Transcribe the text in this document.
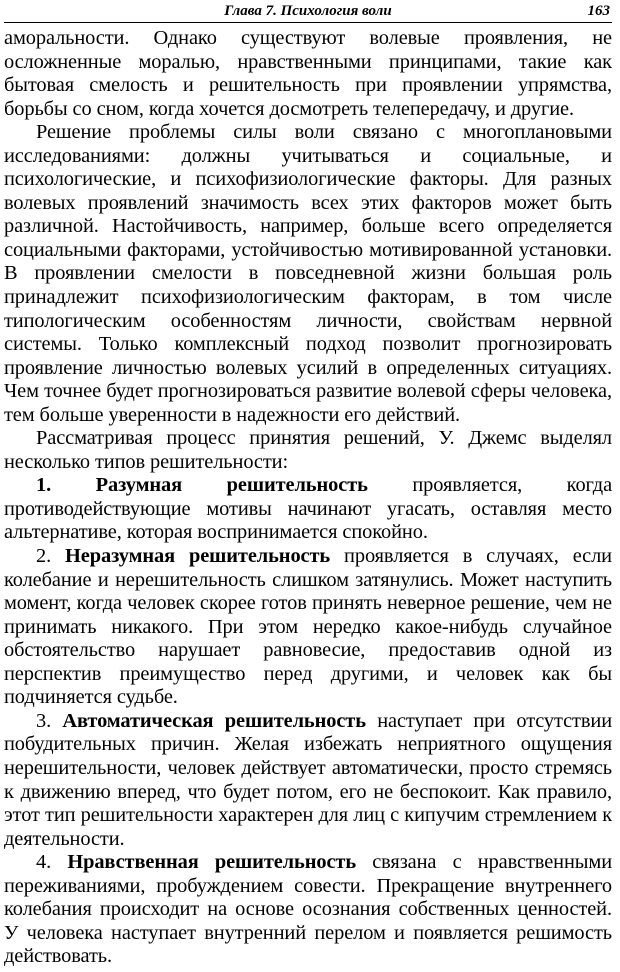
Глава 7. Психология воли	163

аморальности. Однако существуют волевые проявления, не осложненные моралью, нравственными принципами, такие как бытовая смелость и решительность при проявлении упрямства, борьбы со сном, когда хочется досмотреть телепередачу, и другие.

Решение проблемы силы воли связано с многоплановыми исследованиями: должны учитываться и социальные, и психологические, и психофизиологические факторы. Для разных волевых проявлений значимость всех этих факторов может быть различной. Настойчивость, например, больше всего определяется социальными факторами, устойчивостью мотивированной установки. В проявлении смелости в повседневной жизни большая роль принадлежит психофизиологическим факторам, в том числе типологическим особенностям личности, свойствам нервной системы. Только комплексный подход позволит прогнозировать проявление личностью волевых усилий в определенных ситуациях. Чем точнее будет прогнозироваться развитие волевой сферы человека, тем больше уверенности в надежности его действий.

Рассматривая процесс принятия решений, У. Джемс выделял несколько типов решительности:

1. Разумная решительность проявляется, когда противодействующие мотивы начинают угасать, оставляя место альтернативе, которая воспринимается спокойно.

2. Неразумная решительность проявляется в случаях, если колебание и нерешительность слишком затянулись. Может наступить момент, когда человек скорее готов принять неверное решение, чем не принимать никакого. При этом нередко какое-нибудь случайное обстоятельство нарушает равновесие, предоставив одной из перспектив преимущество перед другими, и человек как бы подчиняется судьбе.

3. Автоматическая решительность наступает при отсутствии побудительных причин. Желая избежать неприятного ощущения нерешительности, человек действует автоматически, просто стремясь к движению вперед, что будет потом, его не беспокоит. Как правило, этот тип решительности характерен для лиц с кипучим стремлением к деятельности.

4. Нравственная решительность связана с нравственными переживаниями, пробуждением совести. Прекращение внутреннего колебания происходит на основе осознания собственных ценностей. У человека наступает внутренний перелом и появляется решимость действовать.
